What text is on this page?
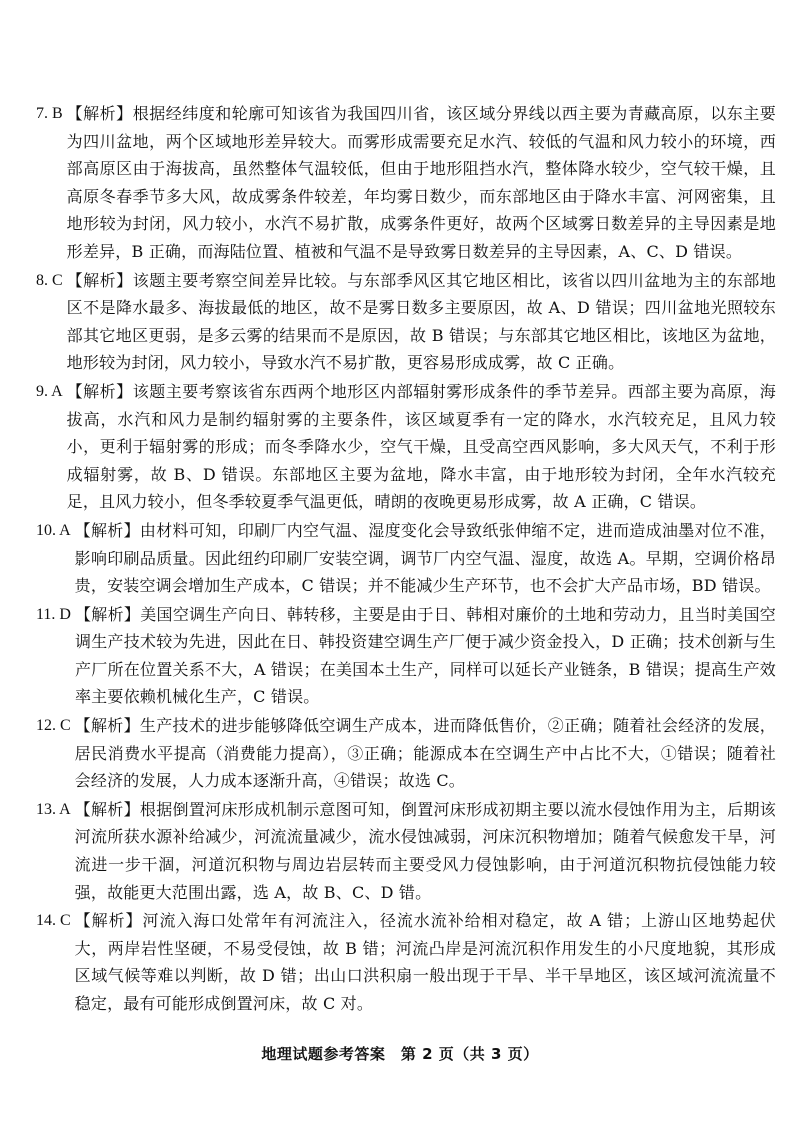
7. B 【解析】根据经纬度和轮廓可知该省为我国四川省，该区域分界线以西主要为青藏高原，以东主要为四川盆地，两个区域地形差异较大。而雾形成需要充足水汽、较低的气温和风力较小的环境，西部高原区由于海拔高，虽然整体气温较低，但由于地形阻挡水汽，整体降水较少，空气较干燥，且高原冬春季节多大风，故成雾条件较差，年均雾日数少，而东部地区由于降水丰富、河网密集，且地形较为封闭，风力较小，水汽不易扩散，成雾条件更好，故两个区域雾日数差异的主导因素是地形差异，B 正确，而海陆位置、植被和气温不是导致雾日数差异的主导因素，A、C、D 错误。
8. C 【解析】该题主要考察空间差异比较。与东部季风区其它地区相比，该省以四川盆地为主的东部地区不是降水最多、海拔最低的地区，故不是雾日数多主要原因，故 A、D 错误；四川盆地光照较东部其它地区更弱，是多云雾的结果而不是原因，故 B 错误；与东部其它地区相比，该地区为盆地，地形较为封闭，风力较小，导致水汽不易扩散，更容易形成成雾，故 C 正确。
9. A 【解析】该题主要考察该省东西两个地形区内部辐射雾形成条件的季节差异。西部主要为高原，海拔高，水汽和风力是制约辐射雾的主要条件，该区域夏季有一定的降水，水汽较充足，且风力较小，更利于辐射雾的形成；而冬季降水少，空气干燥，且受高空西风影响，多大风天气，不利于形成辐射雾，故 B、D 错误。东部地区主要为盆地，降水丰富，由于地形较为封闭，全年水汽较充足，且风力较小，但冬季较夏季气温更低，晴朗的夜晚更易形成雾，故 A 正确，C 错误。
10. A 【解析】由材料可知，印刷厂内空气温、湿度变化会导致纸张伸缩不定，进而造成油墨对位不准，影响印刷品质量。因此纽约印刷厂安装空调，调节厂内空气温、湿度，故选 A。早期，空调价格昂贵，安装空调会增加生产成本，C 错误；并不能减少生产环节，也不会扩大产品市场，BD 错误。
11. D 【解析】美国空调生产向日、韩转移，主要是由于日、韩相对廉价的土地和劳动力，且当时美国空调生产技术较为先进，因此在日、韩投资建空调生产厂便于减少资金投入，D 正确；技术创新与生产厂所在位置关系不大，A 错误；在美国本土生产，同样可以延长产业链条，B 错误；提高生产效率主要依赖机械化生产，C 错误。
12. C 【解析】生产技术的进步能够降低空调生产成本，进而降低售价，②正确；随着社会经济的发展，居民消费水平提高（消费能力提高），③正确；能源成本在空调生产中占比不大，①错误；随着社会经济的发展，人力成本逐渐升高，④错误；故选 C。
13. A 【解析】根据倒置河床形成机制示意图可知，倒置河床形成初期主要以流水侵蚀作用为主，后期该河流所获水源补给减少，河流流量减少，流水侵蚀减弱，河床沉积物增加；随着气候愈发干旱，河流进一步干涸，河道沉积物与周边岩层转而主要受风力侵蚀影响，由于河道沉积物抗侵蚀能力较强，故能更大范围出露，选 A，故 B、C、D 错。
14. C 【解析】河流入海口处常年有河流注入，径流水流补给相对稳定，故 A 错；上游山区地势起伏大，两岸岩性坚硬，不易受侵蚀，故 B 错；河流凸岸是河流沉积作用发生的小尺度地貌，其形成区域气候等难以判断，故 D 错；出山口洪积扇一般出现于干旱、半干旱地区，该区域河流流量不稳定，最有可能形成倒置河床，故 C 对。
地理试题参考答案　第 2 页（共 3 页）
